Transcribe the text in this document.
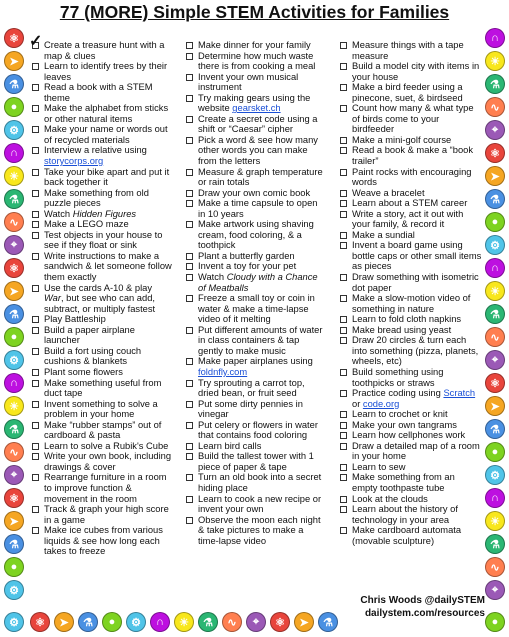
77 (MORE) Simple STEM Activities for Families
⚛
➤
⚗
●
⚙
∩
☀
⚗
∿
⌖
⚛
➤
⚗
●
⚙
∩
☀
⚗
∿
⌖
⚛
➤
⚗
●
⚙
∩
☀
⚗
∿
⌖
⚛
➤
⚗
●
⚙
∩
☀
⚗
∿
⌖
⚛
➤
⚗
●
⚙
∩
☀
⚗
∿
⌖
⚛	➤	⚗	●	⚙	∩	☀	⚗	∿	⌖	⚛	➤	⚗	●
⚙
✓ Create a treasure hunt with a map & clues
Learn to identify trees by their leaves
Read a book with a STEM theme
Make the alphabet from sticks or other natural items
Make your name or words out of recycled materials
Interview a relative using storycorps.org
Take your bike apart and put it back together it
Make something from old puzzle pieces
Watch Hidden Figures
Make a LEGO maze
Test objects in your house to see if they float or sink
Write instructions to make a sandwich & let someone follow them exactly
Use the cards A-10 & play War, but see who can add, subtract, or multiply fastest
Play Battleship
Build a paper airplane launcher
Build a fort using couch cushions & blankets
Plant some flowers
Make something useful from duct tape
Invent something to solve a problem in your home
Make “rubber stamps” out of cardboard & pasta
Learn to solve a Rubik's Cube
Write your own book, including drawings & cover
Rearrange furniture in a room to improve function & movement in the room
Track & graph your high score in a game
Make ice cubes from various liquids & see how long each takes to freeze
Make dinner for your family
Determine how much waste there is from cooking a meal
Invent your own musical instrument
Try making gears using the website gearsket.ch
Create a secret code using a shift or “Caesar” cipher
Pick a word & see how many other words you can make from the letters
Measure & graph temperature or rain totals
Draw your own comic book
Make a time capsule to open in 10 years
Make artwork using shaving cream, food coloring, & a toothpick
Plant a butterfly garden
Invent a toy for your pet
Watch Cloudy with a Chance of Meatballs
Freeze a small toy or coin in water & make a time-lapse video of it melting
Put different amounts of water in class containers & tap gently to make music
Make paper airplanes using foldnfly.com
Try sprouting a carrot top, dried bean, or fruit seed
Put some dirty pennies in vinegar
Put celery or flowers in water that contains food coloring
Learn bird calls
Build the tallest tower with 1 piece of paper & tape
Turn an old book into a secret hiding place
Learn to cook a new recipe or invent your own
Observe the moon each night & take pictures to make a time-lapse video
Measure things with a tape measure
Build a model city with items in your house
Make a bird feeder using a pinecone, suet, & birdseed
Count how many & what type of birds come to your birdfeeder
Make a mini-golf course
Read a book & make a “book trailer”
Paint rocks with encouraging words
Weave a bracelet
Learn about a STEM career
Write a story, act it out with your family, & record it
Make a sundial
Invent a board game using bottle caps or other small items as pieces
Draw something with isometric dot paper
Make a slow-motion video of something in nature
Learn to fold cloth napkins
Make bread using yeast
Draw 20 circles & turn each into something (pizza, planets, wheels, etc)
Build something using toothpicks or straws
Practice coding using Scratch or code.org
Learn to crochet or knit
Make your own tangrams
Learn how cellphones work
Draw a detailed map of a room in your home
Learn to sew
Make something from an empty toothpaste tube
Look at the clouds
Learn about the history of technology in your area
Make cardboard automata (movable sculpture)
Chris Woods @dailySTEM
dailystem.com/resources
